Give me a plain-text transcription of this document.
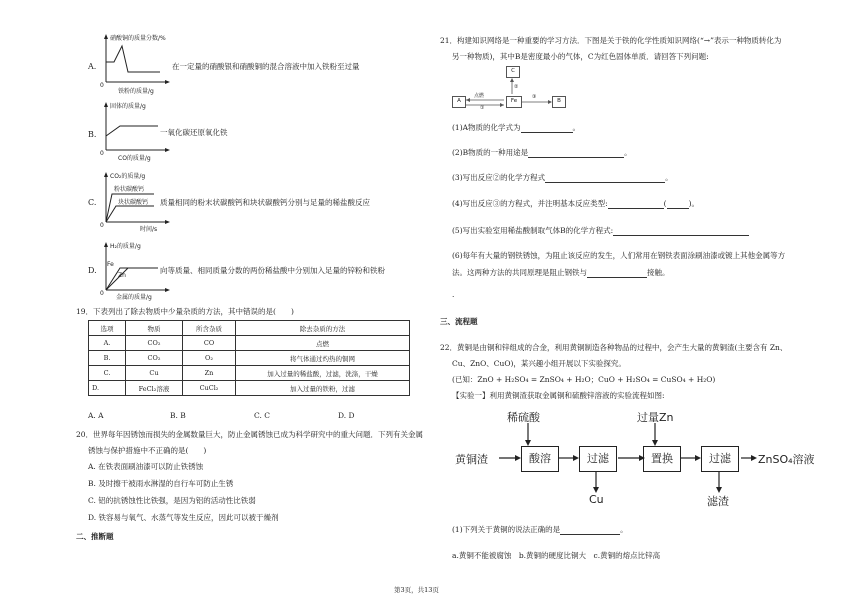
A.
硝酸铜的质量分数/%
0
铁粉的质量/g
在一定量的硝酸银和硝酸铜的混合溶液中加入铁粉至过量
B.
固体的质量/g
0
CO的质量/g
一氧化碳还原氧化铁
C.
CO₂的质量/g
粉状碳酸钙
块状碳酸钙
0
时间/s
质量相同的粉末状碳酸钙和块状碳酸钙分别与足量的稀盐酸反应
D.
H₂的质量/g
Fe
Zn
0
金属的质量/g
向等质量、相同质量分数的两份稀盐酸中分别加入足量的锌粉和铁粉
19．下表列出了除去物质中少量杂质的方法，其中错误的是(　　)
选项	物质	所含杂质	除去杂质的方法
A.	CO₂	CO	点燃
B.	CO₂	O₂	将气体通过灼热的铜网
C.	Cu	Zn	加入过量的稀盐酸，过滤，洗涤，干燥
D.	FeCl₂溶液	CuCl₂	加入过量的铁粉，过滤
A. A	B. B	C. C	D. D
20．世界每年因锈蚀而损失的金属数量巨大，防止金属锈蚀已成为科学研究中的重大问题．下列有关金属
锈蚀与保护措施中不正确的是(　　)
A. 在铁表面刷油漆可以防止铁锈蚀
B. 及时擦干被雨水淋湿的自行车可防止生锈
C. 铝的抗锈蚀性比铁强，是因为铝的活动性比铁弱
D. 铁容易与氧气、水蒸气等发生反应，因此可以被于燥剂
二、推断题
21．构建知识网络是一种重要的学习方法．下图是关于铁的化学性质知识网络(“→”表示一种物质转化为
另一种物质)，其中B是密度最小的气体，C为红色固体单质．请回答下列问题:
C
A	Fe	B
点燃
①
②
③
(1)A物质的化学式为	。
(2)B物质的一种用途是	。
(3)写出反应②的化学方程式	。
(4)写出反应③的方程式，并注明基本反应类型:	(	)。
(5)写出实验室用稀盐酸制取气体B的化学方程式:
(6)每年有大量的钢铁锈蚀，为阻止该反应的发生，人们常用在钢铁表面涂刷油漆或镀上其他金属等方
法。这两种方法的共同原理是阻止钢铁与	接触。
.
三、流程题
22．黄铜是由铜和锌组成的合金，利用黄铜制造各种物品的过程中，会产生大量的黄铜渣(主要含有 Zn、
Cu、ZnO、CuO)，某兴趣小组开展以下实验探究。
(已知：ZnO + H₂SO₄ = ZnSO₄ + H₂O；CuO + H₂SO₄ = CuSO₄ + H₂O)
【实验一】利用黄铜渣获取金属铜和硫酸锌溶液的实验流程如图:
黄铜渣
稀硫酸
酸溶	过滤
Cu
过量Zn
置换	过滤
滤渣
ZnSO₄溶液
(1)下列关于黄铜的说法正确的是	。
a.黄铜不能被腐蚀　b.黄铜的硬度比铜大　c.黄铜的熔点比锌高
第3页，共13页
